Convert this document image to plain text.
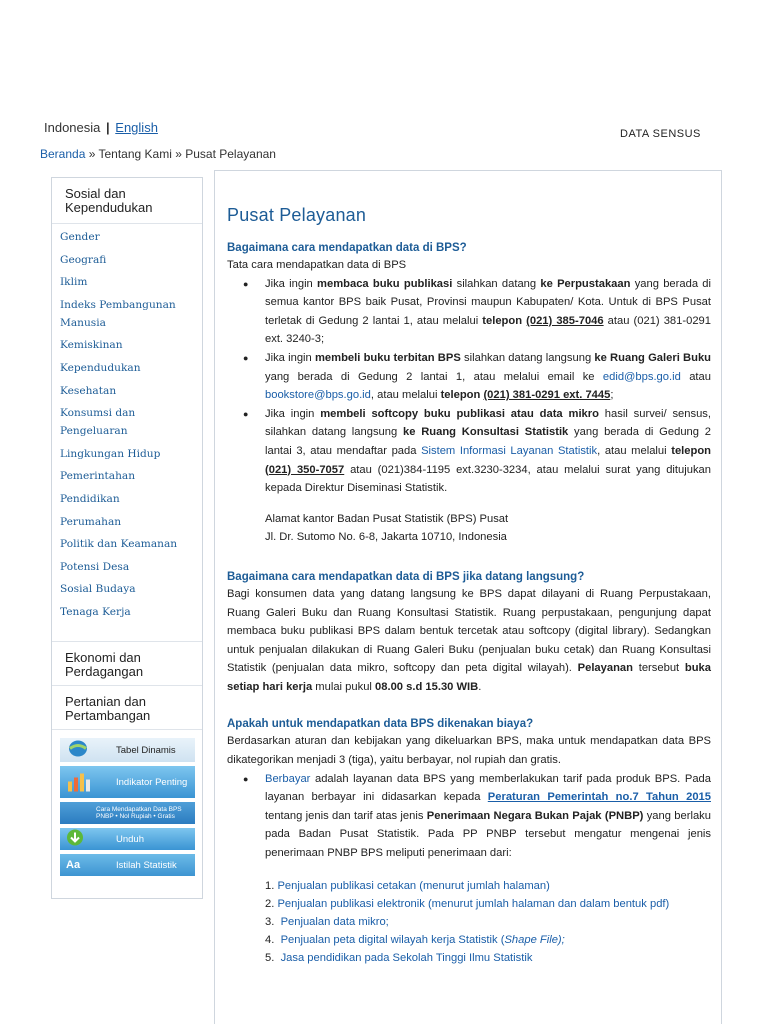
Indonesia | English	DATA SENSUS
Beranda » Tentang Kami » Pusat Pelayanan
Sosial dan Kependudukan
Gender
Geografi
Iklim
Indeks Pembangunan Manusia
Kemiskinan
Kependudukan
Kesehatan
Konsumsi dan Pengeluaran
Lingkungan Hidup
Pemerintahan
Pendidikan
Perumahan
Politik dan Keamanan
Potensi Desa
Sosial Budaya
Tenaga Kerja
Ekonomi dan Perdagangan
Pertanian dan Pertambangan
Tabel Dinamis
Indikator Penting
Cara Mendapatkan Data BPS
PNBP • Nol Rupiah • Gratis
Unduh
Aa	Istilah Statistik
Pusat Pelayanan
Bagaimana cara mendapatkan data di BPS?
Tata cara mendapatkan data di BPS
● Jika ingin membaca buku publikasi silahkan datang ke Perpustakaan yang berada di semua kantor BPS baik Pusat, Provinsi maupun Kabupaten/ Kota. Untuk di BPS Pusat terletak di Gedung 2 lantai 1, atau melalui telepon (021) 385-7046 atau (021) 381-0291 ext. 3240-3;
● Jika ingin membeli buku terbitan BPS silahkan datang langsung ke Ruang Galeri Buku yang berada di Gedung 2 lantai 1, atau melalui email ke edid@bps.go.id atau bookstore@bps.go.id, atau melalui telepon (021) 381-0291 ext. 7445;
● Jika ingin membeli softcopy buku publikasi atau data mikro hasil survei/ sensus, silahkan datang langsung ke Ruang Konsultasi Statistik yang berada di Gedung 2 lantai 3, atau mendaftar pada Sistem Informasi Layanan Statistik, atau melalui telepon (021) 350-7057 atau (021)384-1195 ext.3230-3234, atau melalui surat yang ditujukan kepada Direktur Diseminasi Statistik.
Alamat kantor Badan Pusat Statistik (BPS) Pusat
Jl. Dr. Sutomo No. 6-8, Jakarta 10710, Indonesia
Bagaimana cara mendapatkan data di BPS jika datang langsung?
Bagi konsumen data yang datang langsung ke BPS dapat dilayani di Ruang Perpustakaan, Ruang Galeri Buku dan Ruang Konsultasi Statistik. Ruang perpustakaan, pengunjung dapat membaca buku publikasi BPS dalam bentuk tercetak atau softcopy (digital library). Sedangkan untuk penjualan dilakukan di Ruang Galeri Buku (penjualan buku cetak) dan Ruang Konsultasi Statistik (penjualan data mikro, softcopy dan peta digital wilayah). Pelayanan tersebut buka setiap hari kerja mulai pukul 08.00 s.d 15.30 WIB.
Apakah untuk mendapatkan data BPS dikenakan biaya?
Berdasarkan aturan dan kebijakan yang dikeluarkan BPS, maka untuk mendapatkan data BPS dikategorikan menjadi 3 (tiga), yaitu berbayar, nol rupiah dan gratis.
● Berbayar adalah layanan data BPS yang memberlakukan tarif pada produk BPS. Pada layanan berbayar ini didasarkan kepada Peraturan Pemerintah no.7 Tahun 2015 tentang jenis dan tarif atas jenis Penerimaan Negara Bukan Pajak (PNBP) yang berlaku pada Badan Pusat Statistik. Pada PP PNBP tersebut mengatur mengenai jenis penerimaan PNBP BPS meliputi penerimaan dari:
1. Penjualan publikasi cetakan (menurut jumlah halaman)
2. Penjualan publikasi elektronik (menurut jumlah halaman dan dalam bentuk pdf)
3. Penjualan data mikro;
4. Penjualan peta digital wilayah kerja Statistik (Shape File);
5. Jasa pendidikan pada Sekolah Tinggi Ilmu Statistik
